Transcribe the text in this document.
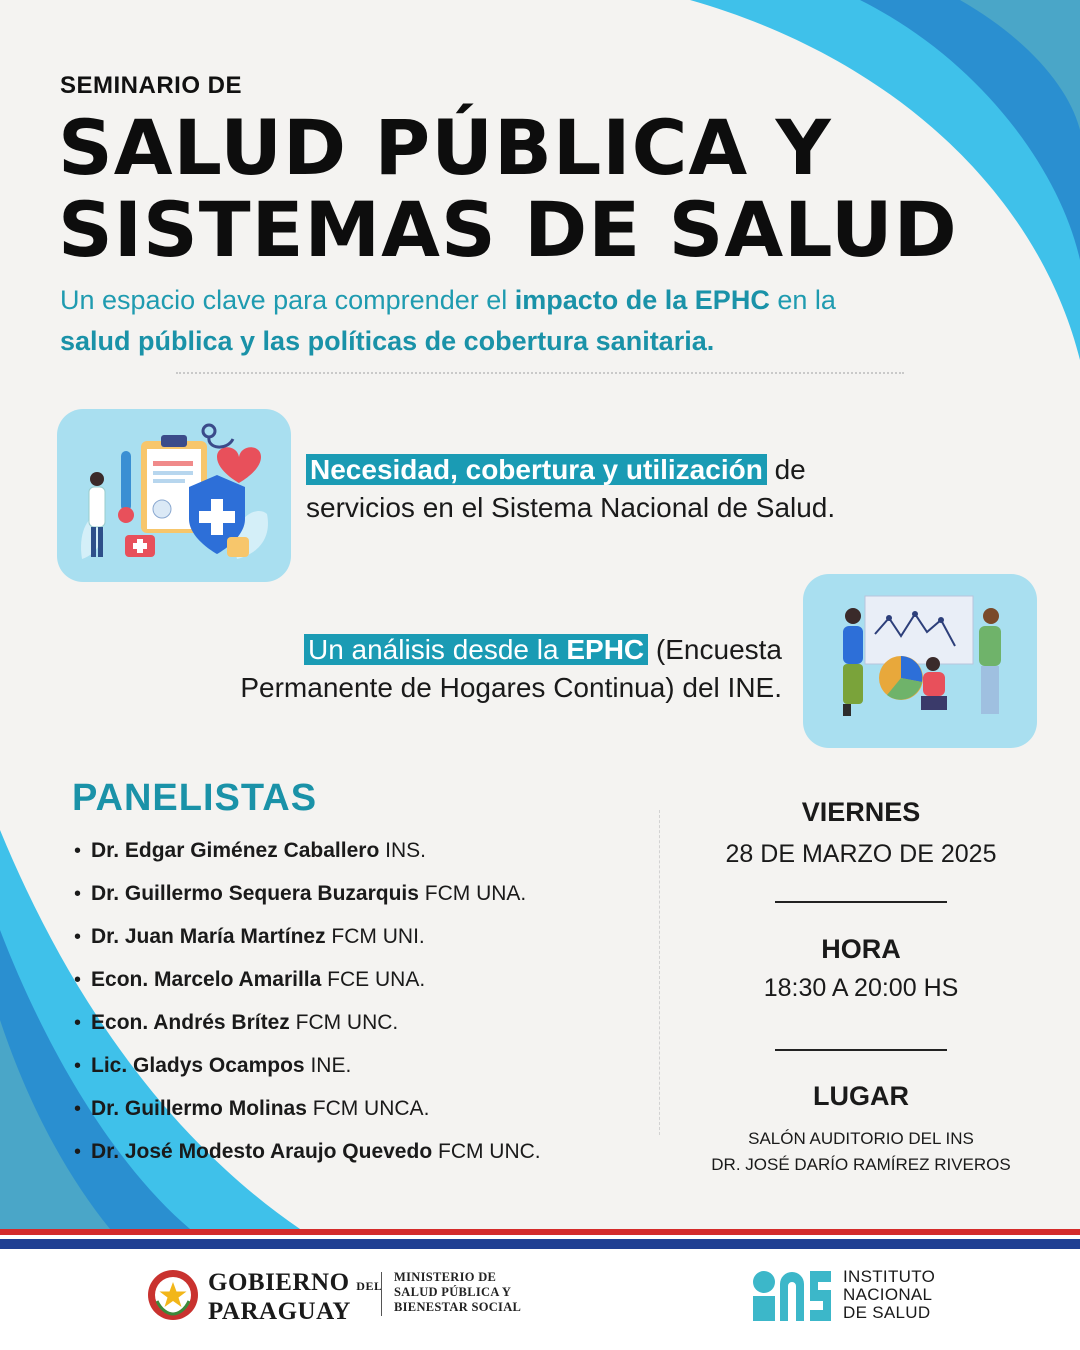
SEMINARIO DE
SALUD PÚBLICA Y
SISTEMAS DE SALUD
Un espacio clave para comprender el impacto de la EPHC en la
salud pública y las políticas de cobertura sanitaria.
Necesidad, cobertura y utilización de
servicios en el Sistema Nacional de Salud.
Un análisis desde la EPHC (Encuesta
Permanente de Hogares Continua) del INE.
PANELISTAS
• Dr. Edgar Giménez Caballero INS.
• Dr. Guillermo Sequera Buzarquis FCM UNA.
• Dr. Juan María Martínez FCM UNI.
• Econ. Marcelo Amarilla FCE UNA.
• Econ. Andrés Brítez FCM UNC.
• Lic. Gladys Ocampos INE.
• Dr. Guillermo Molinas FCM UNCA.
• Dr. José Modesto Araujo Quevedo FCM UNC.
VIERNES
28 DE MARZO DE 2025
HORA
18:30 A 20:00 HS
LUGAR
SALÓN AUDITORIO DEL INS
DR. JOSÉ DARÍO RAMÍREZ RIVEROS
GOBIERNO DEL
PARAGUAY
MINISTERIO DE
SALUD PÚBLICA Y
BIENESTAR SOCIAL
INSTITUTO
NACIONAL
DE SALUD
